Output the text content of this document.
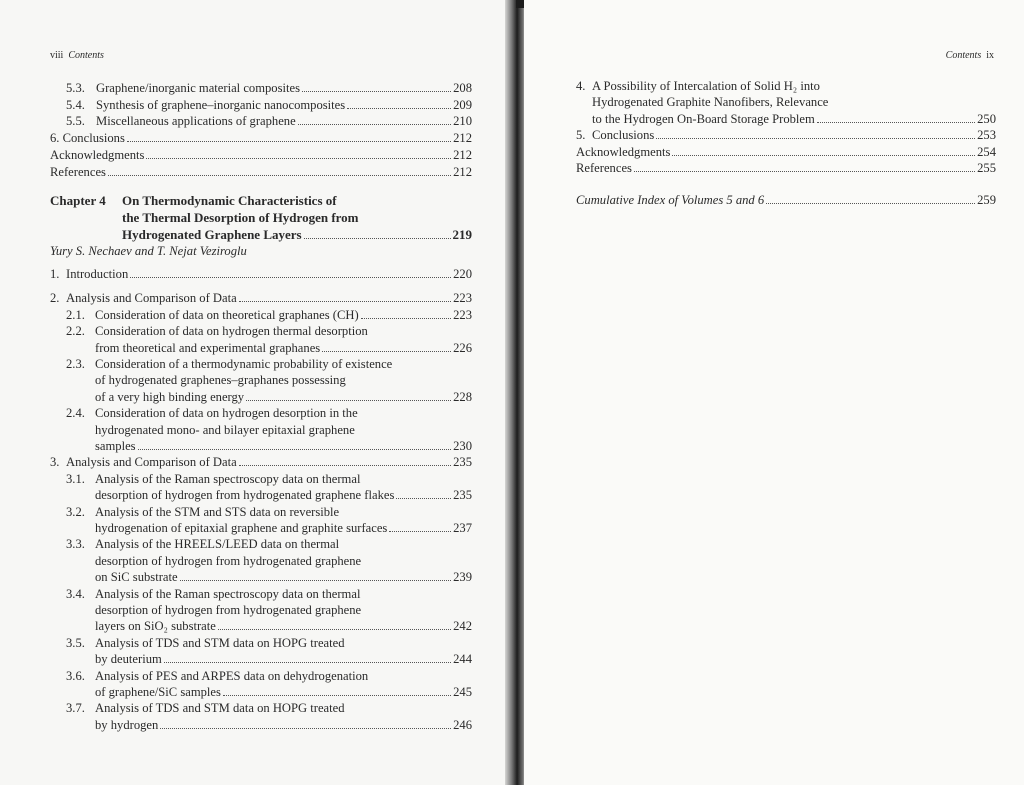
viii Contents
5.3. Graphene/inorganic material composites	208
5.4. Synthesis of graphene–inorganic nanocomposites	209
5.5. Miscellaneous applications of graphene	210
6. Conclusions	212
Acknowledgments	212
References	212
Chapter 4 On Thermodynamic Characteristics of
the Thermal Desorption of Hydrogen from
Hydrogenated Graphene Layers	219
Yury S. Nechaev and T. Nejat Veziroglu
1. Introduction	220
2. Analysis and Comparison of Data	223
2.1. Consideration of data on theoretical graphanes (CH)	223
2.2. Consideration of data on hydrogen thermal desorption
from theoretical and experimental graphanes	226
2.3. Consideration of a thermodynamic probability of existence
of hydrogenated graphenes–graphanes possessing
of a very high binding energy	228
2.4. Consideration of data on hydrogen desorption in the
hydrogenated mono- and bilayer epitaxial graphene
samples	230
3. Analysis and Comparison of Data	235
3.1. Analysis of the Raman spectroscopy data on thermal
desorption of hydrogen from hydrogenated graphene flakes	235
3.2. Analysis of the STM and STS data on reversible
hydrogenation of epitaxial graphene and graphite surfaces	237
3.3. Analysis of the HREELS/LEED data on thermal
desorption of hydrogen from hydrogenated graphene
on SiC substrate	239
3.4. Analysis of the Raman spectroscopy data on thermal
desorption of hydrogen from hydrogenated graphene
layers on SiO₂ substrate	242
3.5. Analysis of TDS and STM data on HOPG treated
by deuterium	244
3.6. Analysis of PES and ARPES data on dehydrogenation
of graphene/SiC samples	245
3.7. Analysis of TDS and STM data on HOPG treated
by hydrogen	246
Contents ix
4. A Possibility of Intercalation of Solid H₂ into
Hydrogenated Graphite Nanofibers, Relevance
to the Hydrogen On-Board Storage Problem	250
5. Conclusions	253
Acknowledgments	254
References	255
Cumulative Index of Volumes 5 and 6	259
